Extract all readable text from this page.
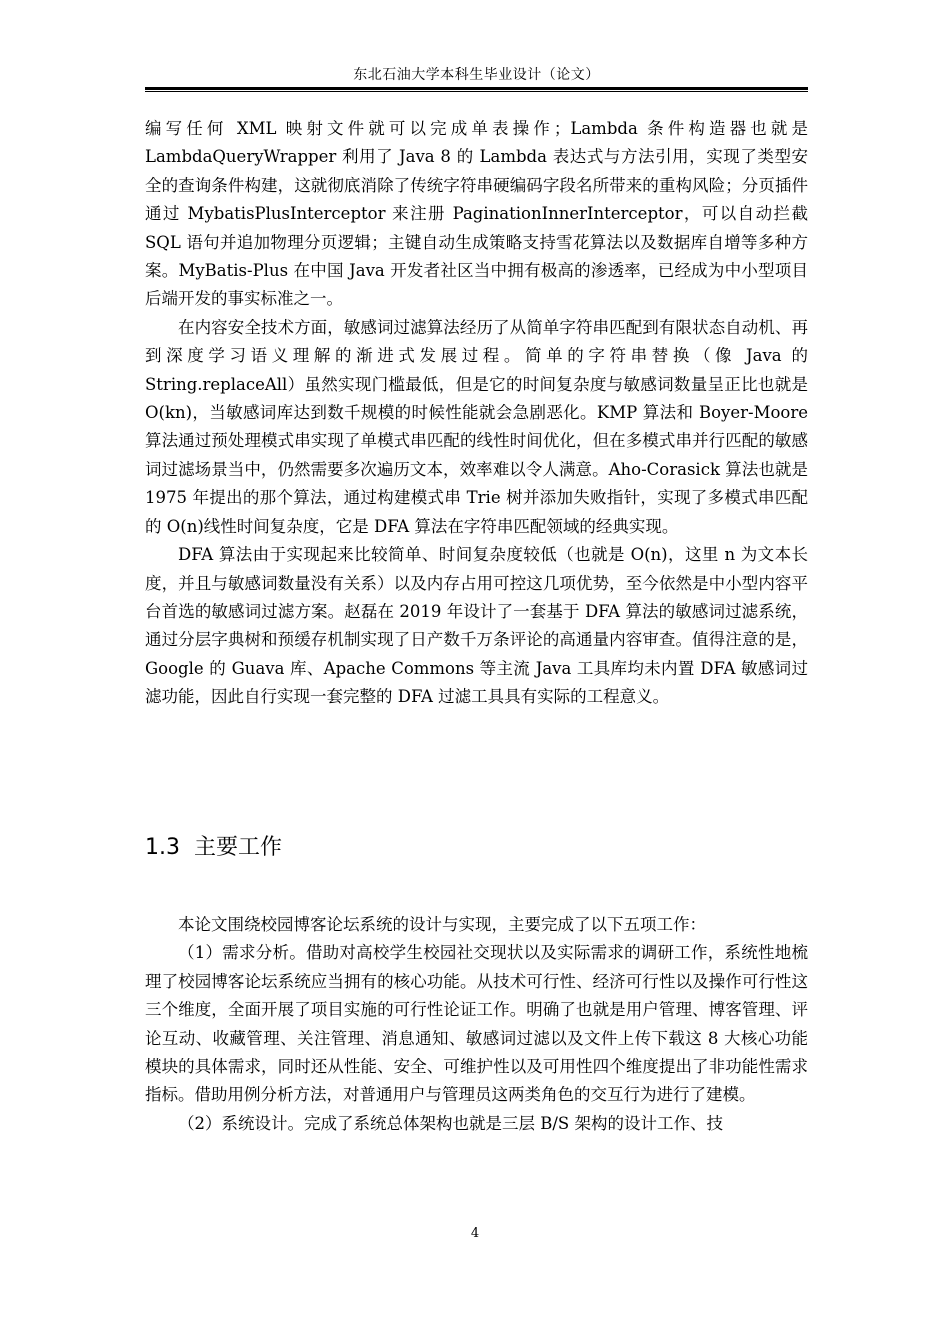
东北石油大学本科生毕业设计（论文）

编写任何 XML 映射文件就可以完成单表操作；Lambda 条件构造器也就是 LambdaQueryWrapper 利用了 Java 8 的 Lambda 表达式与方法引用，实现了类型安全的查询条件构建，这就彻底消除了传统字符串硬编码字段名所带来的重构风险；分页插件通过 MybatisPlusInterceptor 来注册 PaginationInnerInterceptor，可以自动拦截 SQL 语句并追加物理分页逻辑；主键自动生成策略支持雪花算法以及数据库自增等多种方案。MyBatis-Plus 在中国 Java 开发者社区当中拥有极高的渗透率，已经成为中小型项目后端开发的事实标准之一。

在内容安全技术方面，敏感词过滤算法经历了从简单字符串匹配到有限状态自动机、再到深度学习语义理解的渐进式发展过程。简单的字符串替换（像 Java 的 String.replaceAll）虽然实现门槛最低，但是它的时间复杂度与敏感词数量呈正比也就是 O(kn)，当敏感词库达到数千规模的时候性能就会急剧恶化。KMP 算法和 Boyer-Moore 算法通过预处理模式串实现了单模式串匹配的线性时间优化，但在多模式串并行匹配的敏感词过滤场景当中，仍然需要多次遍历文本，效率难以令人满意。Aho-Corasick 算法也就是 1975 年提出的那个算法，通过构建模式串 Trie 树并添加失败指针，实现了多模式串匹配的 O(n)线性时间复杂度，它是 DFA 算法在字符串匹配领域的经典实现。

DFA 算法由于实现起来比较简单、时间复杂度较低（也就是 O(n)，这里 n 为文本长度，并且与敏感词数量没有关系）以及内存占用可控这几项优势，至今依然是中小型内容平台首选的敏感词过滤方案。赵磊在 2019 年设计了一套基于 DFA 算法的敏感词过滤系统，通过分层字典树和预缓存机制实现了日产数千万条评论的高通量内容审查。值得注意的是，Google 的 Guava 库、Apache Commons 等主流 Java 工具库均未内置 DFA 敏感词过滤功能，因此自行实现一套完整的 DFA 过滤工具具有实际的工程意义。

1.3 主要工作

本论文围绕校园博客论坛系统的设计与实现，主要完成了以下五项工作：

（1）需求分析。借助对高校学生校园社交现状以及实际需求的调研工作，系统性地梳理了校园博客论坛系统应当拥有的核心功能。从技术可行性、经济可行性以及操作可行性这三个维度，全面开展了项目实施的可行性论证工作。明确了也就是用户管理、博客管理、评论互动、收藏管理、关注管理、消息通知、敏感词过滤以及文件上传下载这 8 大核心功能模块的具体需求，同时还从性能、安全、可维护性以及可用性四个维度提出了非功能性需求指标。借助用例分析方法，对普通用户与管理员这两类角色的交互行为进行了建模。

（2）系统设计。完成了系统总体架构也就是三层 B/S 架构的设计工作、技

4
